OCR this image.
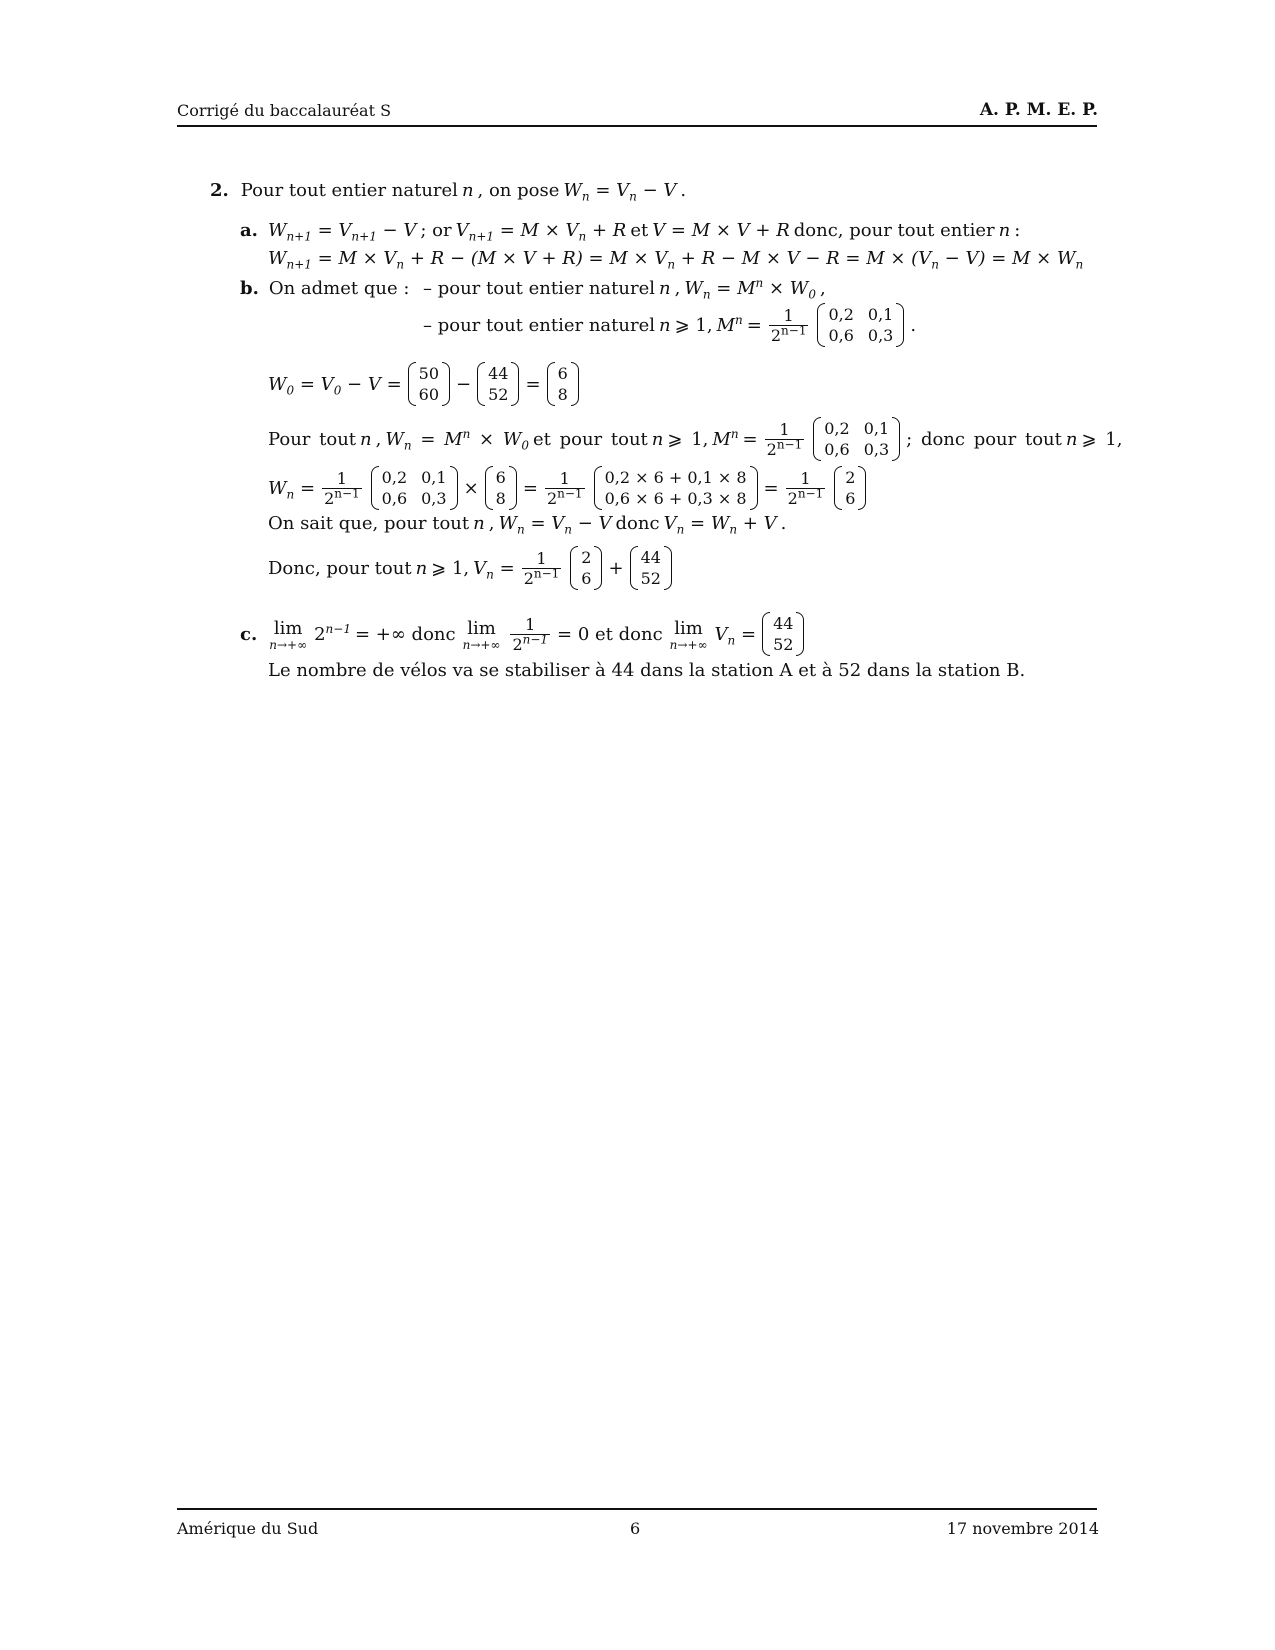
Corrigé du baccalauréat S	A. P. M. E. P.
2. Pour tout entier naturel n , on pose $W_n = V_n - V$ .
a. $W_{n+1} = V_{n+1} - V$ ; or $V_{n+1} = M \times V_n + R$ et V = M × V + R donc, pour tout entier n :
$W_{n+1} = M \times V_n + R - (M \times V + R) = M \times V_n + R - M \times V - R = M \times (V_n - V) = M \times W_n$
b. On admet que : – pour tout entier naturel n , $W_n = M^n \times W_0$ ,
– pour tout entier naturel n ⩾ 1, $M^n = \frac{1}{2^{n-1}} 0,2$ 0,1
0,6 0,3 .
$W_0 = V_0 - V = 50$
60 − 44
52 = 6
8
Pour tout n , $W_n = M^n \times W_0$ et pour tout n ⩾ 1, $M^n = \frac{1}{2^{n-1}} 0,2$ 0,1
0,6 0,3 ; donc pour tout n ⩾ 1,
$W_n = \frac{1}{2^{n-1}} 0,2$ 0,1
0,6 0,3 × 6
$8 = \frac{1}{2^{n-1}} 0,2 \times 6 + 0,1 \times 8$
$0,6 \times 6 + 0,3 \times 8 = \frac{1}{2^{n-1}} 2$
6
On sait que, pour tout n , $W_n = V_n - V$ donc $V_n = W_n + V$ .
Donc, pour tout n ⩾ 1, $V_n = \frac{1}{2^{n-1}} 2$
6 + 44
52
c. lim
n→+∞ $2^{n-1}$ = +∞ donc lim
$n\to+\infty \frac{1}{2^{n-1}} = 0$ et donc lim
n→+∞ $V_n = 44$
52
Le nombre de vélos va se stabiliser à 44 dans la station A et à 52 dans la station B.
Amérique du Sud	6	17 novembre 2014
